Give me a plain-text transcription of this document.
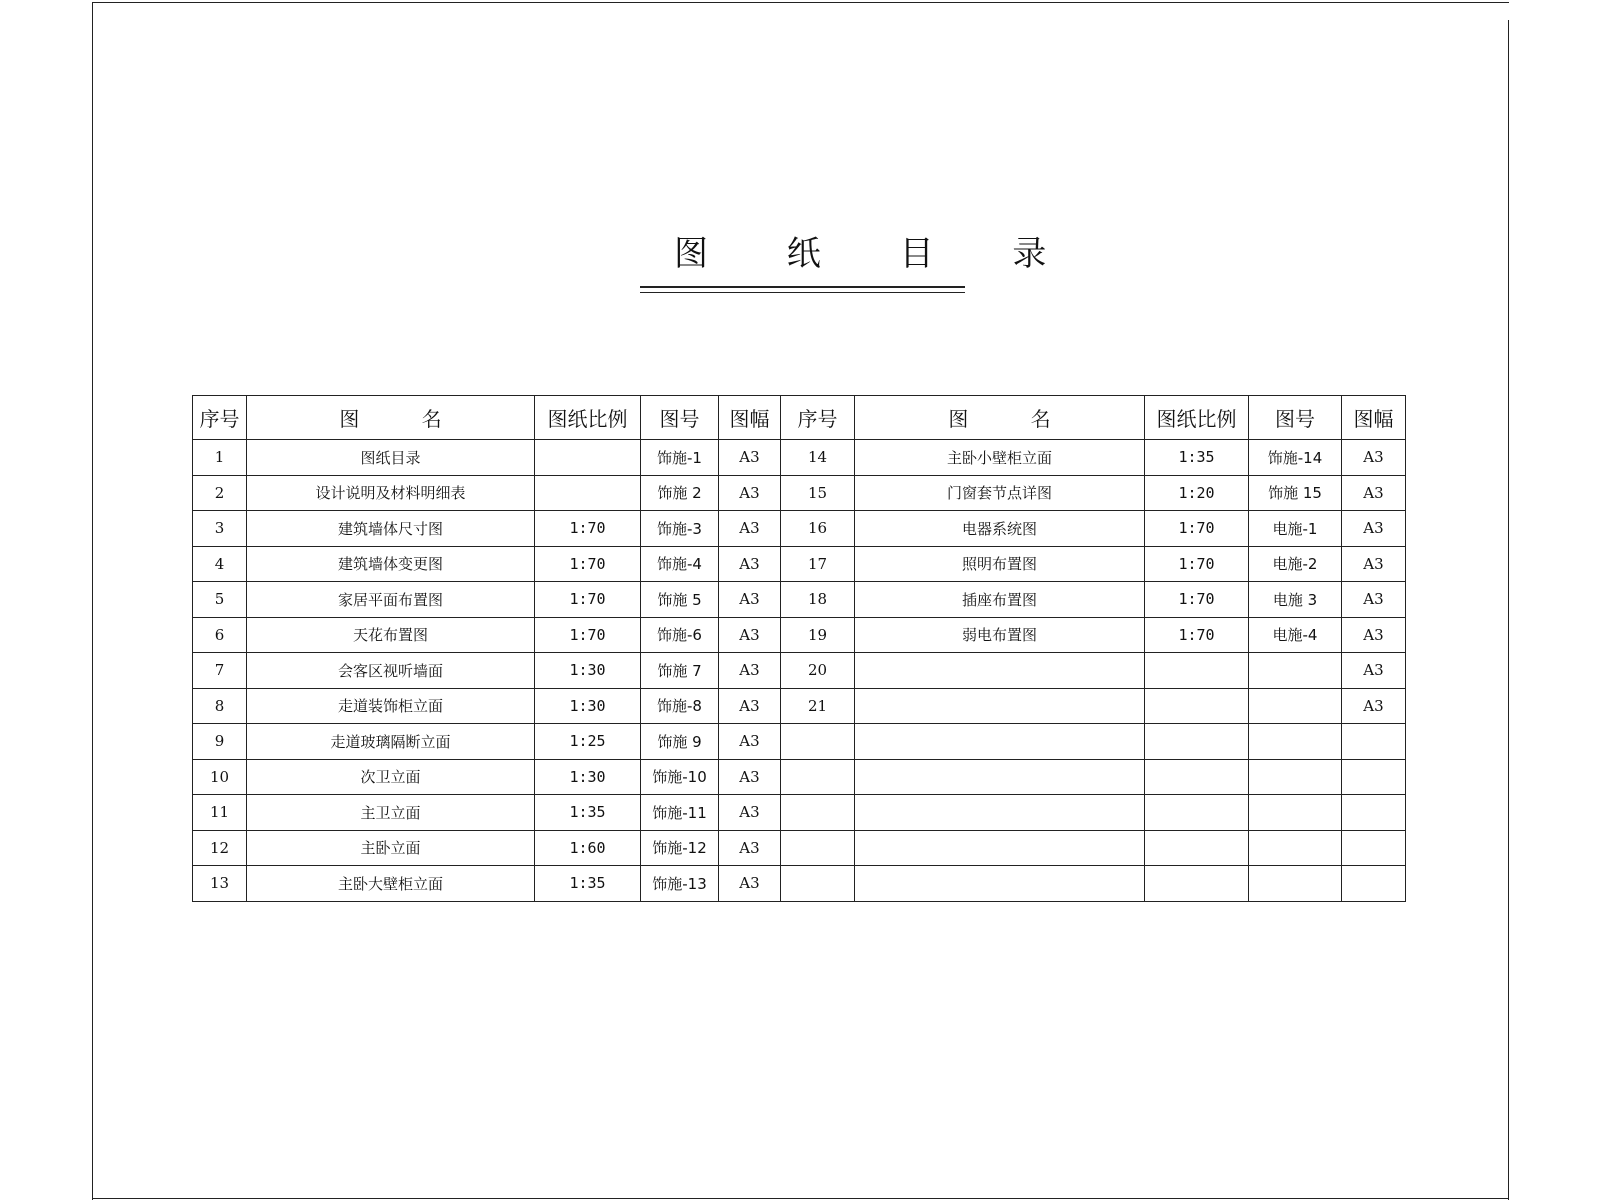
图 纸 目 录
序号	图 名	图纸比例	图号	图幅	序号	图 名	图纸比例	图号	图幅
1	图纸目录		饰施-1	A3	14	主卧小壁柜立面	1:35	饰施-14	A3
2	设计说明及材料明细表		饰施 2	A3	15	门窗套节点详图	1:20	饰施 15	A3
3	建筑墙体尺寸图	1:70	饰施-3	A3	16	电器系统图	1:70	电施-1	A3
4	建筑墙体变更图	1:70	饰施-4	A3	17	照明布置图	1:70	电施-2	A3
5	家居平面布置图	1:70	饰施 5	A3	18	插座布置图	1:70	电施 3	A3
6	天花布置图	1:70	饰施-6	A3	19	弱电布置图	1:70	电施-4	A3
7	会客区视听墙面	1:30	饰施 7	A3	20				A3
8	走道装饰柜立面	1:30	饰施-8	A3	21				A3
9	走道玻璃隔断立面	1:25	饰施 9	A3					
10	次卫立面	1:30	饰施-10	A3					
11	主卫立面	1:35	饰施-11	A3					
12	主卧立面	1:60	饰施-12	A3					
13	主卧大壁柜立面	1:35	饰施-13	A3					
